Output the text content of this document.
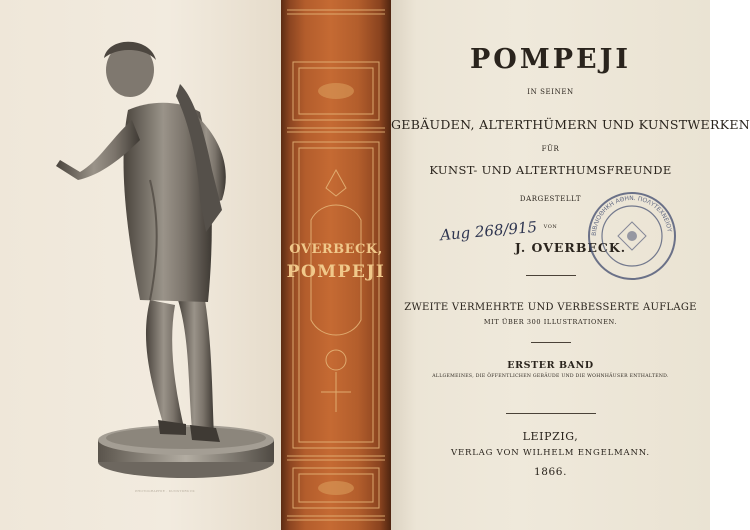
PHOTOGRAPHIE · KUNSTDRUCK
OVERBECK,
POMPEJI
POMPEJI
IN SEINEN
GEBÄUDEN, ALTERTHÜMERN UND KUNSTWERKEN
FÜR
KUNST- UND ALTERTHUMSFREUNDE
DARGESTELLT
VON
J. OVERBECK.
ZWEITE VERMEHRTE UND VERBESSERTE AUFLAGE
MIT ÜBER 300 ILLUSTRATIONEN.
ERSTER BAND
ALLGEMEINES, DIE ÖFFENTLICHEN GEBÄUDE UND DIE WOHNHÄUSER ENTHALTEND.
LEIPZIG,
VERLAG VON WILHELM ENGELMANN.
1866.
Aug 268/915	ΒΙΒΛΙΟΘΗΚΗ ΑΘΗΝ. ΠΟΛΥΤΕΧΝΕΙΟΥ
